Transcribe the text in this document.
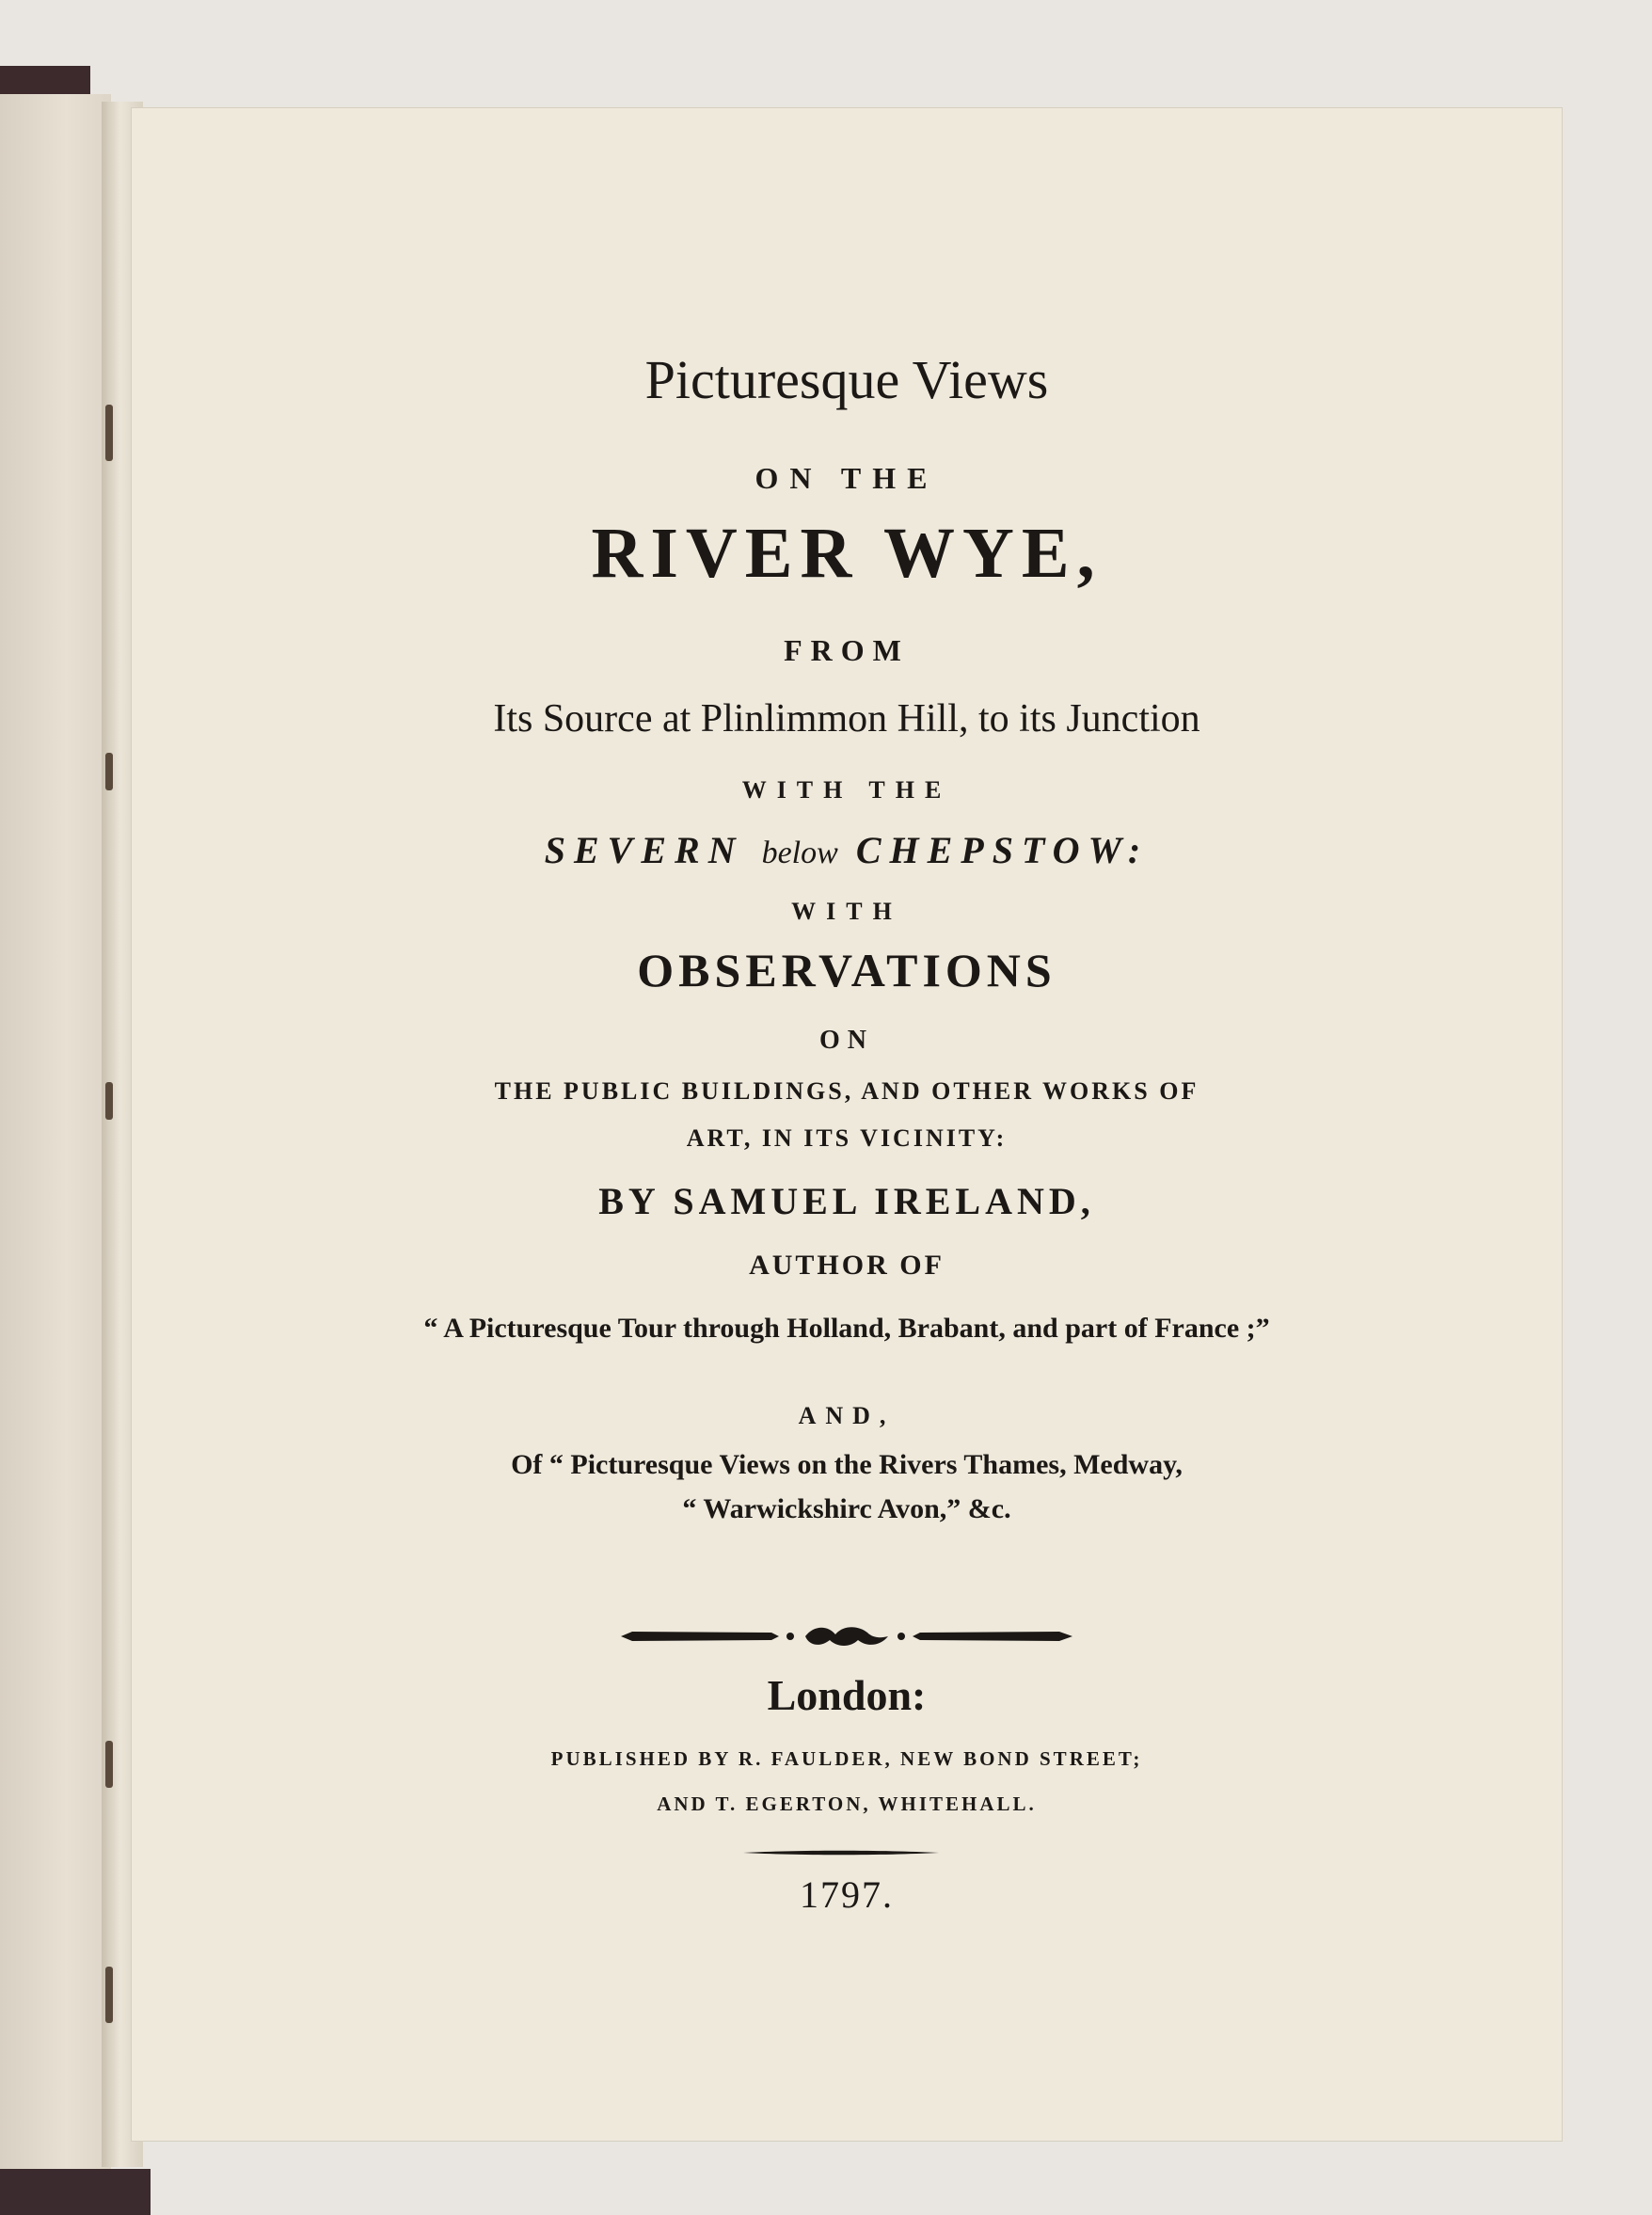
Picturesque Views
ON THE
RIVER WYE,
FROM
Its Source at Plinlimmon Hill, to its Junction
WITH THE
SEVERN below CHEPSTOW:
WITH
OBSERVATIONS
ON
THE PUBLIC BUILDINGS, AND OTHER WORKS OF
ART, IN ITS VICINITY:
BY SAMUEL IRELAND,
AUTHOR OF
“ A Picturesque Tour through Holland, Brabant, and part of France ;”
AND,
Of “ Picturesque Views on the Rivers Thames, Medway,
“ Warwickshirc Avon,” &c.
London:
PUBLISHED BY R. FAULDER, NEW BOND STREET;
AND T. EGERTON, WHITEHALL.
1797.
